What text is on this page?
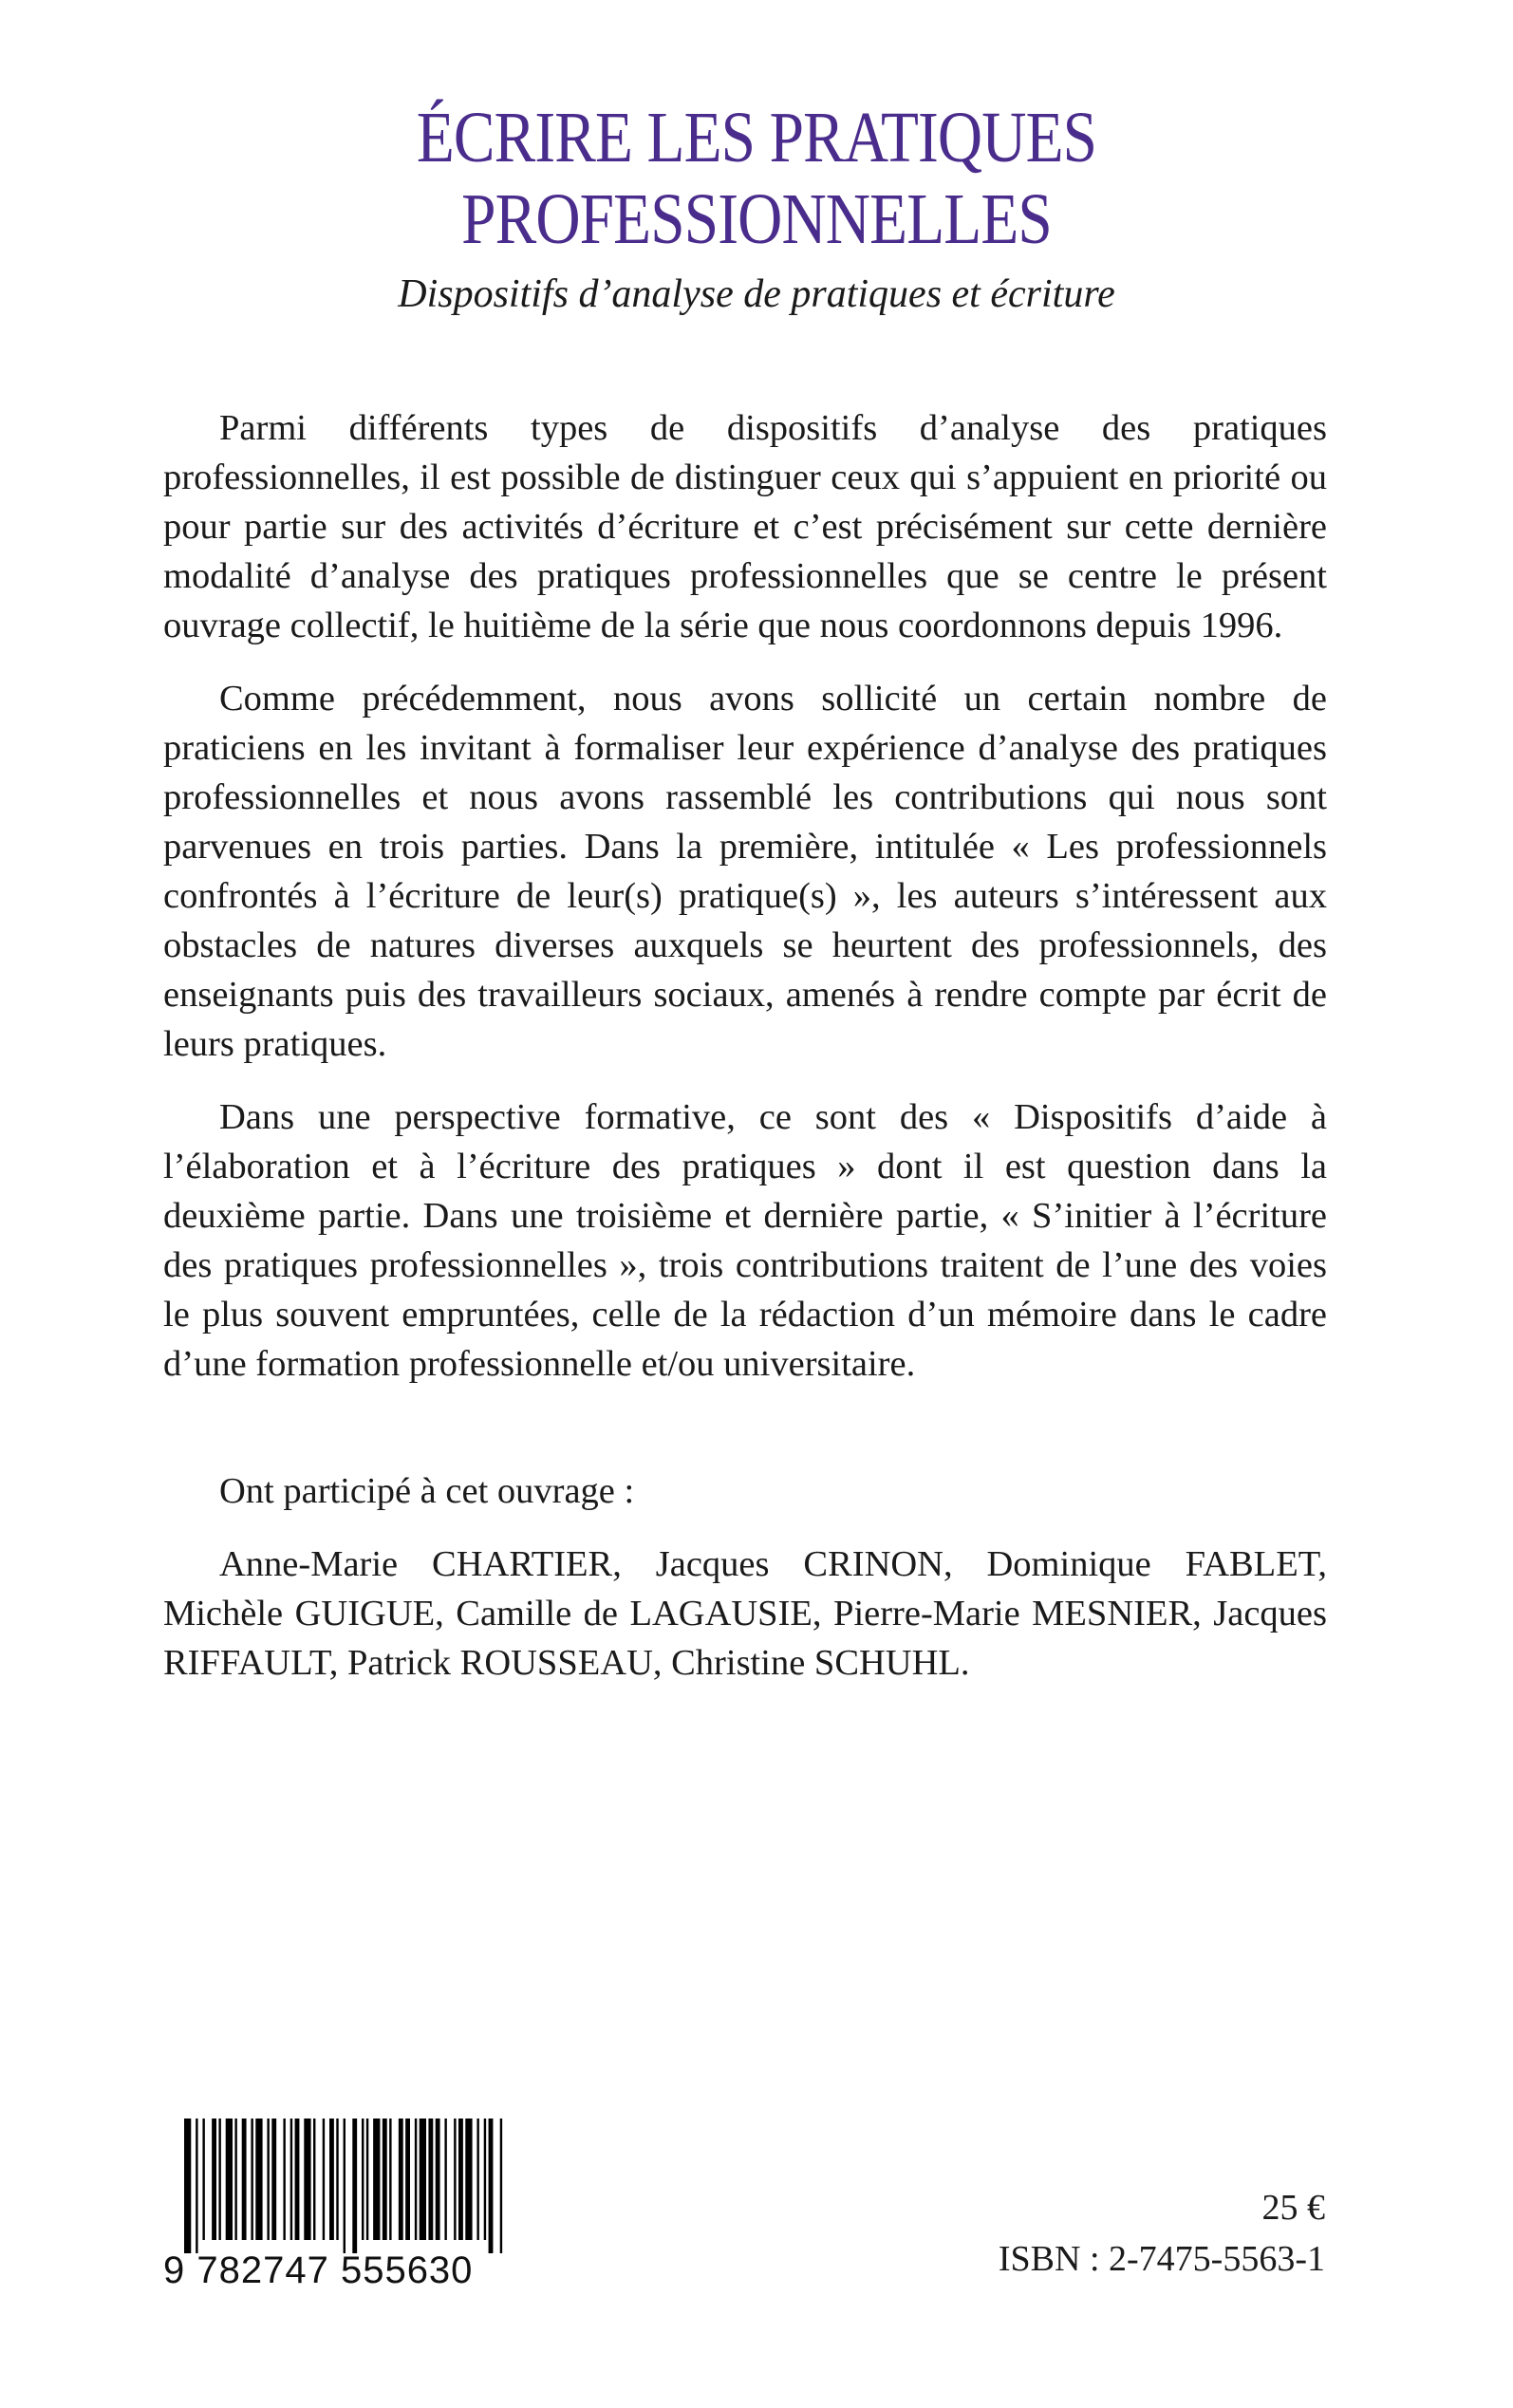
ÉCRIRE LES PRATIQUES
PROFESSIONNELLES
Dispositifs d’analyse de pratiques et écriture

Parmi différents types de dispositifs d’analyse des pratiques professionnelles, il est possible de distinguer ceux qui s’appuient en priorité ou pour partie sur des activités d’écriture et c’est précisément sur cette dernière modalité d’analyse des pratiques professionnelles que se centre le présent ouvrage collectif, le huitième de la série que nous coordonnons depuis 1996.

Comme précédemment, nous avons sollicité un certain nombre de praticiens en les invitant à formaliser leur expérience d’analyse des pratiques professionnelles et nous avons rassemblé les contributions qui nous sont parvenues en trois parties. Dans la première, intitulée « Les professionnels confrontés à l’écriture de leur(s) pratique(s) », les auteurs s’intéressent aux obstacles de natures diverses auxquels se heurtent des professionnels, des enseignants puis des travailleurs sociaux, amenés à rendre compte par écrit de leurs pratiques.

Dans une perspective formative, ce sont des « Dispositifs d’aide à l’élaboration et à l’écriture des pratiques » dont il est question dans la deuxième partie. Dans une troisième et dernière partie, « S’initier à l’écriture des pratiques professionnelles », trois contributions traitent de l’une des voies le plus souvent empruntées, celle de la rédaction d’un mémoire dans le cadre d’une formation professionnelle et/ou universitaire.

Ont participé à cet ouvrage :

Anne-Marie CHARTIER, Jacques CRINON, Dominique FABLET, Michèle GUIGUE, Camille de LAGAUSIE, Pierre-Marie MESNIER, Jacques RIFFAULT, Patrick ROUSSEAU, Christine SCHUHL.

9 782747 555630
25 €
ISBN : 2-7475-5563-1
